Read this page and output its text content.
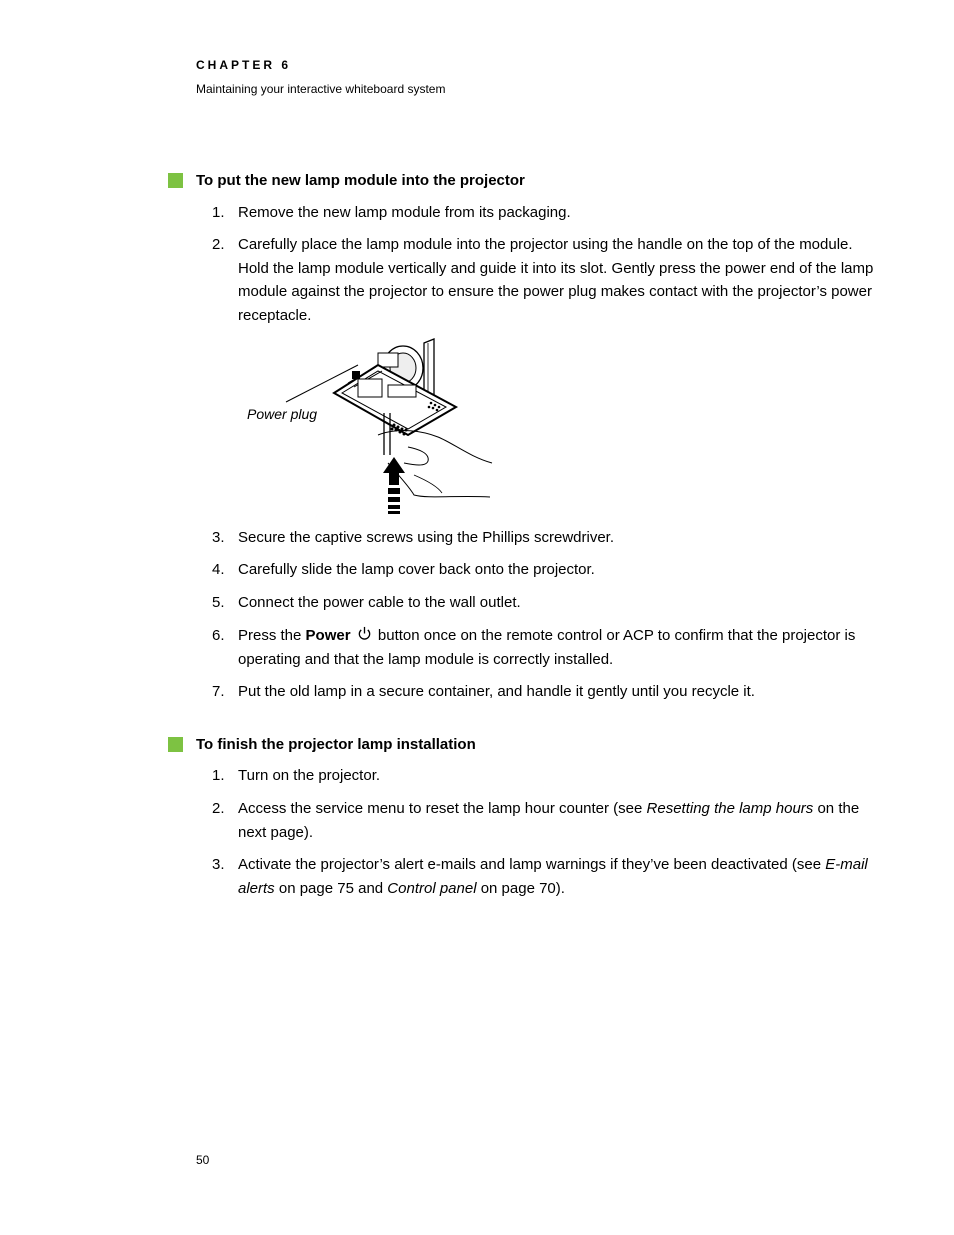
CHAPTER 6
Maintaining your interactive whiteboard system
To put the new lamp module into the projector
1. Remove the new lamp module from its packaging.
2. Carefully place the lamp module into the projector using the handle on the top of the module. Hold the lamp module vertically and guide it into its slot. Gently press the power end of the lamp module against the projector to ensure the power plug makes contact with the projector’s power receptacle.
Power plug
3. Secure the captive screws using the Phillips screwdriver.
4. Carefully slide the lamp cover back onto the projector.
5. Connect the power cable to the wall outlet.
6. Press the Power  button once on the remote control or ACP to confirm that the projector is operating and that the lamp module is correctly installed.
7. Put the old lamp in a secure container, and handle it gently until you recycle it.
To finish the projector lamp installation
1. Turn on the projector.
2. Access the service menu to reset the lamp hour counter (see Resetting the lamp hours on the next page).
3. Activate the projector’s alert e-mails and lamp warnings if they’ve been deactivated (see E-mail alerts on page 75 and Control panel on page 70).
50
